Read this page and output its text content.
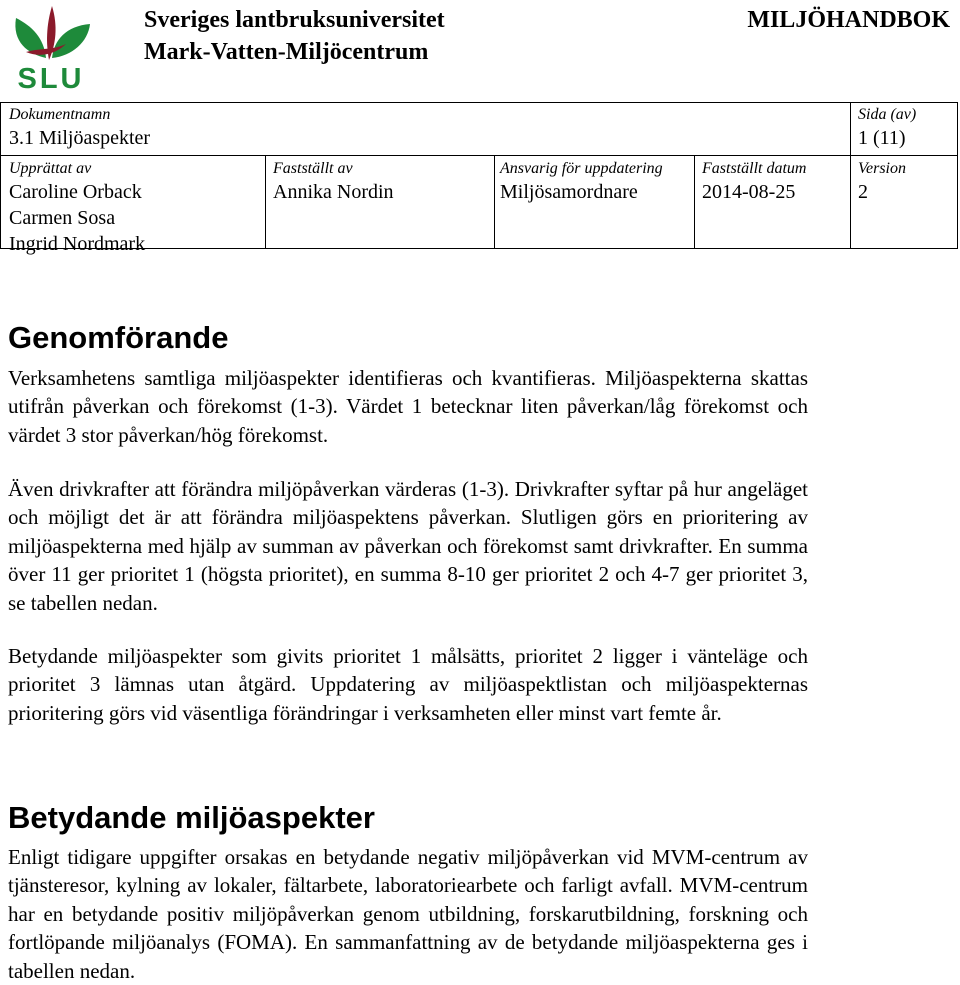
SLU
Sveriges lantbruksuniversitet
Mark-Vatten-Miljöcentrum
MILJÖHANDBOK
Dokumentnamn
3.1 Miljöaspekter
Sida (av)
1 (11)
Upprättat av
Caroline Orback
Carmen Sosa
Ingrid Nordmark
Fastställt av
Annika Nordin
Ansvarig för uppdatering
Miljösamordnare
Fastställt datum
2014-08-25
Version
2
Genomförande

Verksamhetens samtliga miljöaspekter identifieras och kvantifieras. Miljöaspekterna skattas utifrån påverkan och förekomst (1-3). Värdet 1 betecknar liten påverkan/låg förekomst och värdet 3 stor påverkan/hög förekomst.

Även drivkrafter att förändra miljöpåverkan värderas (1-3). Drivkrafter syftar på hur angeläget och möjligt det är att förändra miljöaspektens påverkan. Slutligen görs en prioritering av miljöaspekterna med hjälp av summan av påverkan och förekomst samt drivkrafter. En summa över 11 ger prioritet 1 (högsta prioritet), en summa 8-10 ger prioritet 2 och 4-7 ger prioritet 3, se tabellen nedan.

Betydande miljöaspekter som givits prioritet 1 målsätts, prioritet 2 ligger i vänteläge och prioritet 3 lämnas utan åtgärd. Uppdatering av miljöaspektlistan och miljöaspekternas prioritering görs vid väsentliga förändringar i verksamheten eller minst vart femte år.

Betydande miljöaspekter

Enligt tidigare uppgifter orsakas en betydande negativ miljöpåverkan vid MVM-centrum av tjänsteresor, kylning av lokaler, fältarbete, laboratoriearbete och farligt avfall. MVM-centrum har en betydande positiv miljöpåverkan genom utbildning, forskarutbildning, forskning och fortlöpande miljöanalys (FOMA). En sammanfattning av de betydande miljöaspekterna ges i tabellen nedan.
